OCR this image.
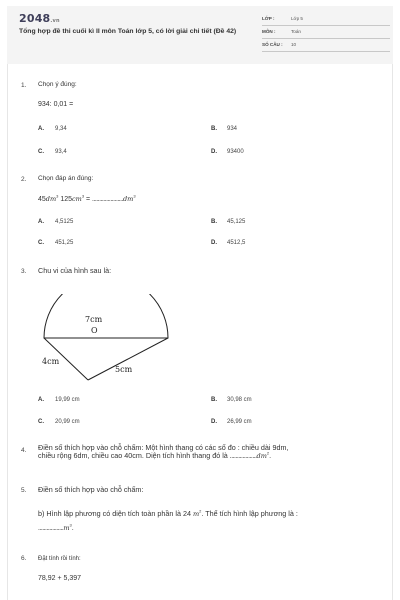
2048.vn
Tổng hợp đề thi cuối kì II môn Toán lớp 5, có lời giải chi tiết (Đề 42)
LỚP :	Lớp 5
MÔN :	Toán
SỐ CÂU : 10
1. Chọn ý đúng:
934: 0,01 =
A. 9,34	B. 934
C. 93,4	D. 93400
2. Chọn đáp án đúng:
$45dm^3$ $125cm^3 = ......................dm^3$
A. 4,5125	B. 45,125
C. 451,25	D. 4512,5
3. Chu vi của hình sau là:
7cm
O
4cm
5cm
A. 19,99 cm	B. 30,98 cm
C. 20,99 cm	D. 26,99 cm
4. Điền số thích hợp vào chỗ chấm: Một hình thang có các số đo : chiều dài 9dm,
chiều rộng 6dm, chiều cao 40cm. Diện tích hình thang đó là $...................dm^2$.
5. Điền số thích hợp vào chỗ chấm:
b) Hình lập phương có diện tích toàn phần là 24 $m^2$. Thể tích hình lập phương là :
$..................m^3$.
6. Đặt tính rồi tính:
78,92 + 5,397
